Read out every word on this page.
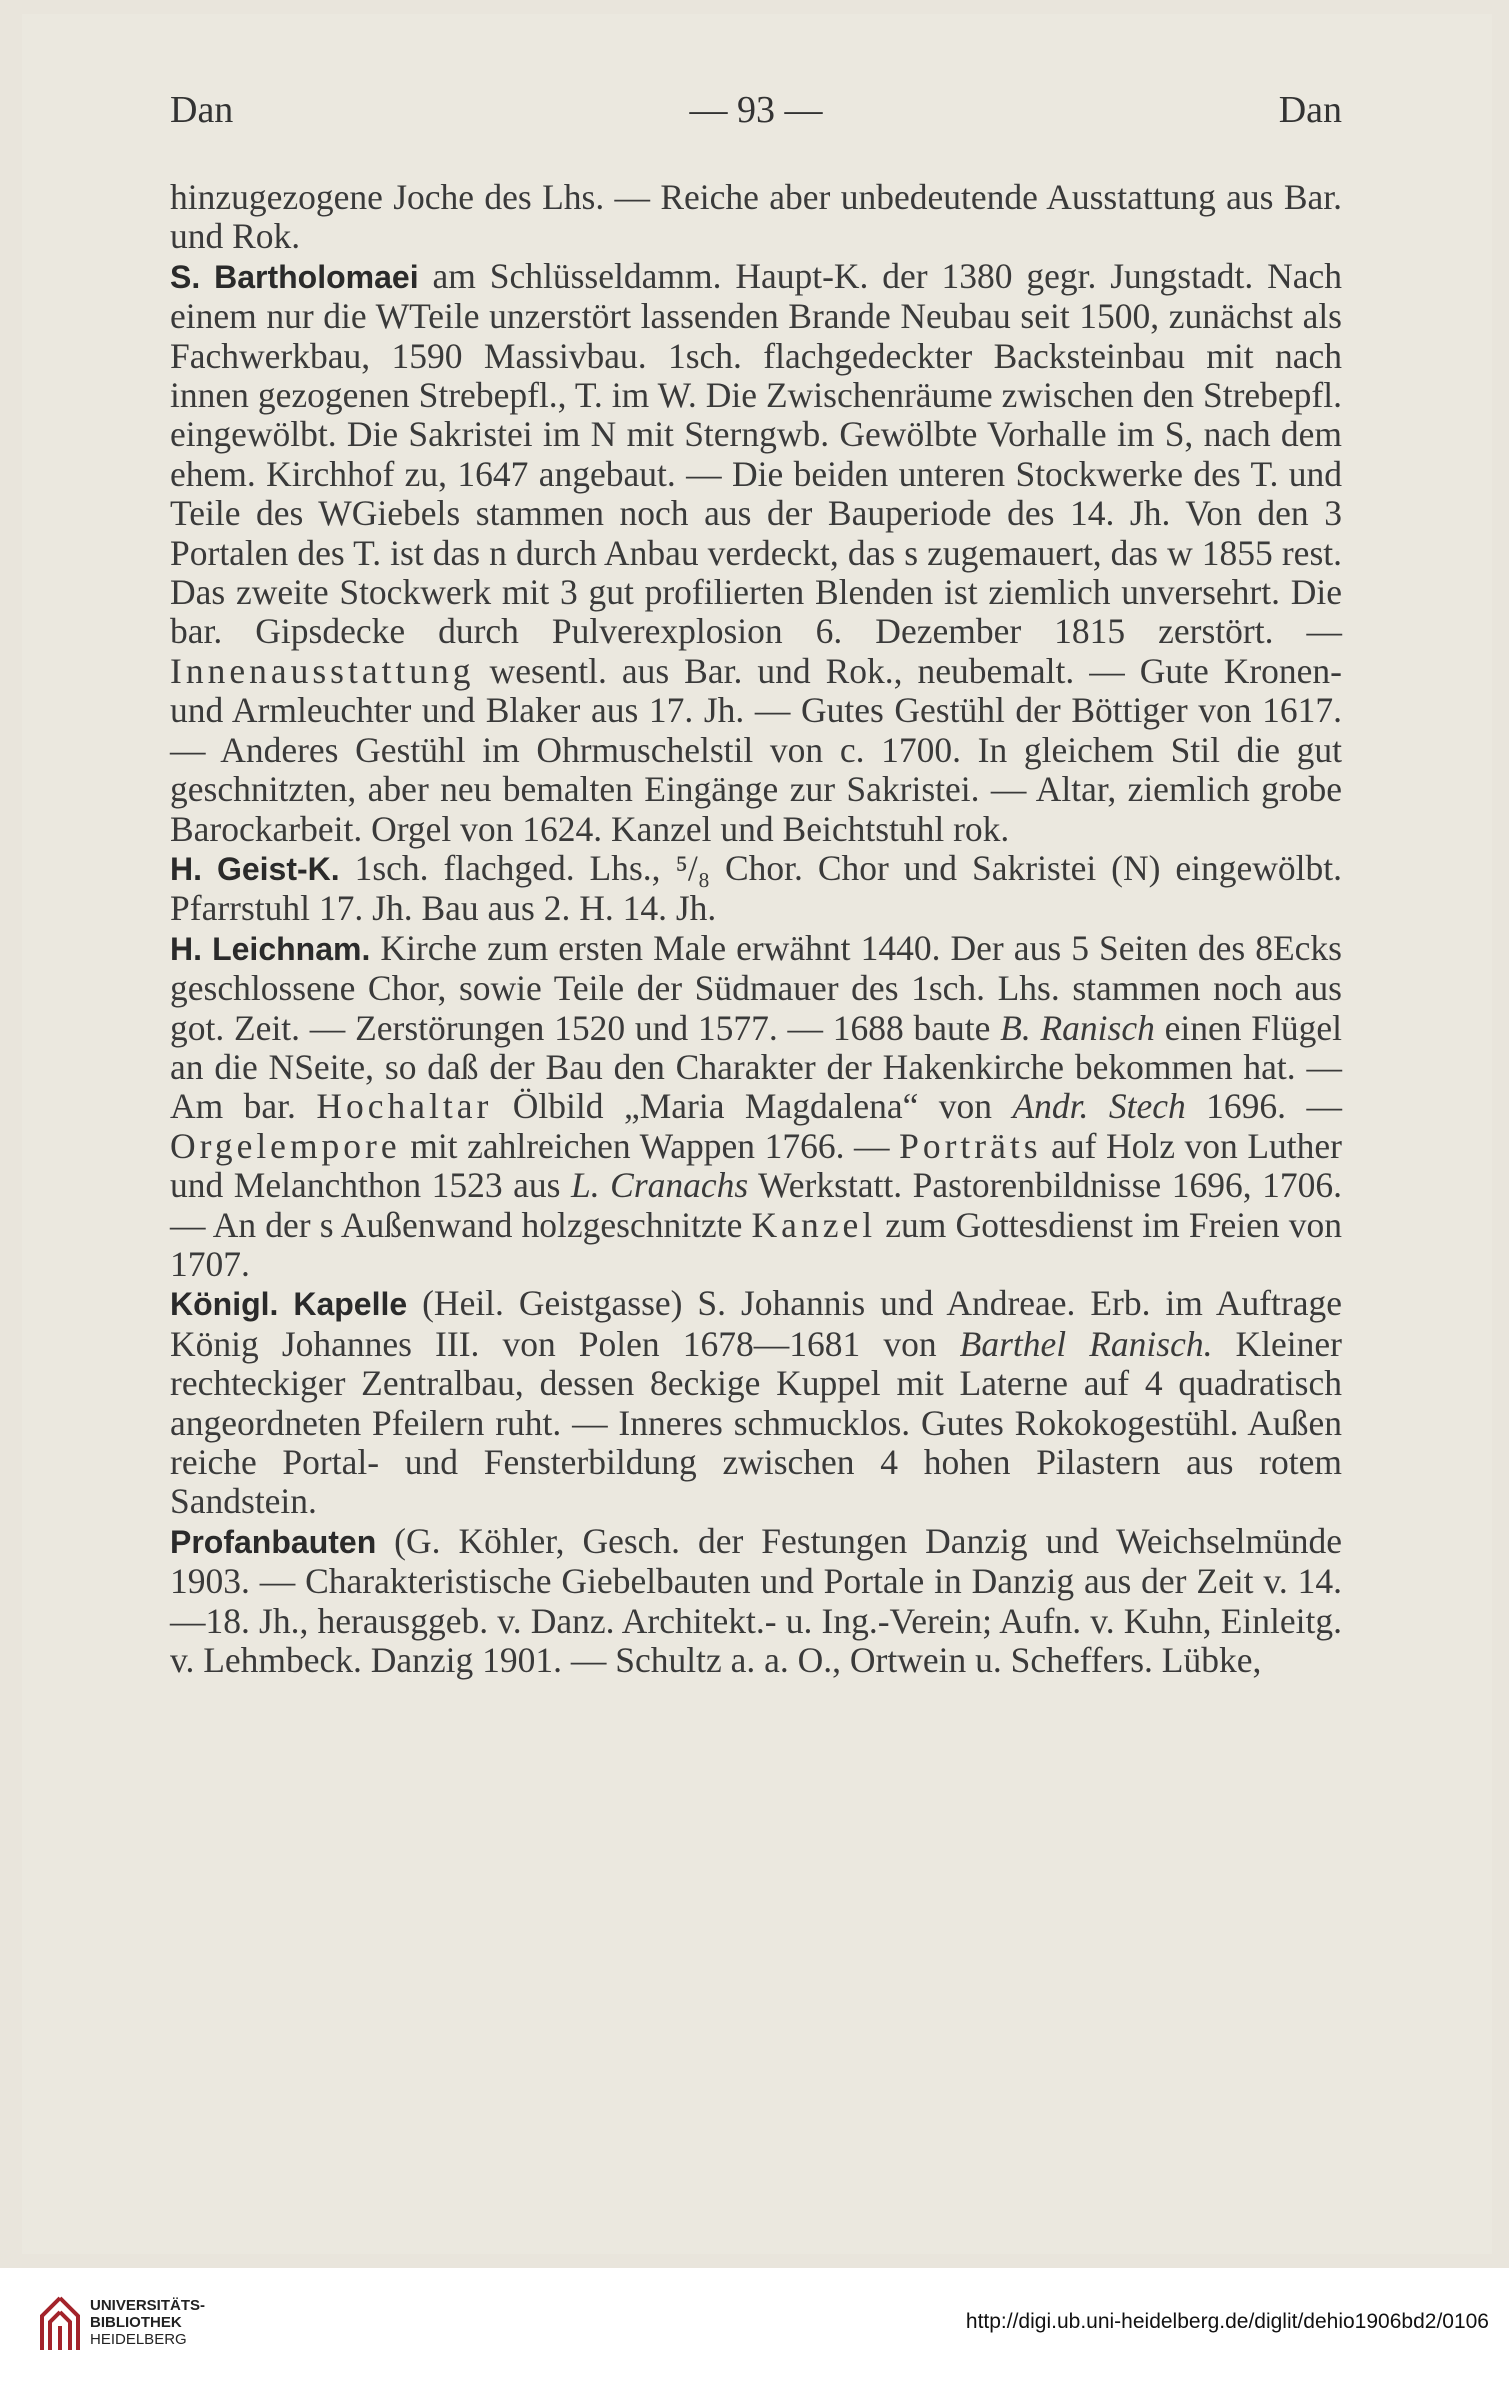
Dan	— 93 —	Dan

hinzugezogene Joche des Lhs. — Reiche aber unbedeutende Ausstattung aus Bar. und Rok.

S. Bartholomaei am Schlüsseldamm. Haupt-K. der 1380 gegr. Jungstadt. Nach einem nur die WTeile unzerstört lassenden Brande Neubau seit 1500, zunächst als Fachwerkbau, 1590 Massivbau. 1sch. flachgedeckter Backsteinbau mit nach innen gezogenen Strebepfl., T. im W. Die Zwischenräume zwischen den Strebepfl. eingewölbt. Die Sakristei im N mit Sterngwb. Gewölbte Vorhalle im S, nach dem ehem. Kirchhof zu, 1647 angebaut. — Die beiden unteren Stockwerke des T. und Teile des WGiebels stammen noch aus der Bauperiode des 14. Jh. Von den 3 Portalen des T. ist das n durch Anbau verdeckt, das s zugemauert, das w 1855 rest. Das zweite Stockwerk mit 3 gut profilierten Blenden ist ziemlich unversehrt. Die bar. Gipsdecke durch Pulverexplosion 6. Dezember 1815 zerstört. — Innenausstattung wesentl. aus Bar. und Rok., neubemalt. — Gute Kronen- und Armleuchter und Blaker aus 17. Jh. — Gutes Gestühl der Böttiger von 1617. — Anderes Gestühl im Ohrmuschelstil von c. 1700. In gleichem Stil die gut geschnitzten, aber neu bemalten Eingänge zur Sakristei. — Altar, ziemlich grobe Barockarbeit. Orgel von 1624. Kanzel und Beichtstuhl rok.

H. Geist-K. 1sch. flachged. Lhs., ⁵/₈ Chor. Chor und Sakristei (N) eingewölbt. Pfarrstuhl 17. Jh. Bau aus 2. H. 14. Jh.

H. Leichnam. Kirche zum ersten Male erwähnt 1440. Der aus 5 Seiten des 8Ecks geschlossene Chor, sowie Teile der Südmauer des 1sch. Lhs. stammen noch aus got. Zeit. — Zerstörungen 1520 und 1577. — 1688 baute B. Ranisch einen Flügel an die NSeite, so daß der Bau den Charakter der Hakenkirche bekommen hat. — Am bar. Hochaltar Ölbild „Maria Magdalena“ von Andr. Stech 1696. — Orgelempore mit zahlreichen Wappen 1766. — Porträts auf Holz von Luther und Melanchthon 1523 aus L. Cranachs Werkstatt. Pastorenbildnisse 1696, 1706. — An der s Außenwand holzgeschnitzte Kanzel zum Gottesdienst im Freien von 1707.

Königl. Kapelle (Heil. Geistgasse) S. Johannis und Andreae. Erb. im Auftrage König Johannes III. von Polen 1678—1681 von Barthel Ranisch. Kleiner rechteckiger Zentralbau, dessen 8eckige Kuppel mit Laterne auf 4 quadratisch angeordneten Pfeilern ruht. — Inneres schmucklos. Gutes Rokokogestühl. Außen reiche Portal- und Fensterbildung zwischen 4 hohen Pilastern aus rotem Sandstein.

Profanbauten (G. Köhler, Gesch. der Festungen Danzig und Weichselmünde 1903. — Charakteristische Giebelbauten und Portale in Danzig aus der Zeit v. 14.—18. Jh., herausggeb. v. Danz. Architekt.- u. Ing.-Verein; Aufn. v. Kuhn, Einleitg. v. Lehmbeck. Danzig 1901. — Schultz a. a. O., Ortwein u. Scheffers. Lübke,

UNIVERSITÄTS-
BIBLIOTHEK
HEIDELBERG
http://digi.ub.uni-heidelberg.de/diglit/dehio1906bd2/0106
